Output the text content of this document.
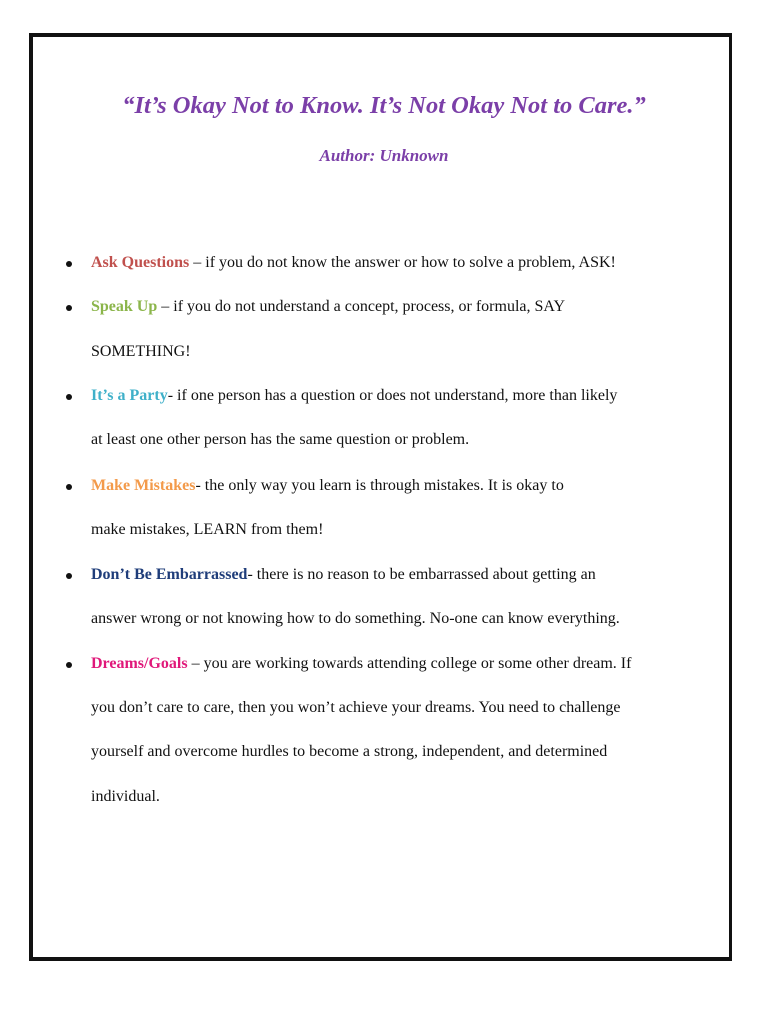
“It’s Okay Not to Know. It’s Not Okay Not to Care.”

Author: Unknown

Ask Questions – if you do not know the answer or how to solve a problem, ASK!
Speak Up – if you do not understand a concept, process, or formula, SAY
SOMETHING!
It’s a Party- if one person has a question or does not understand, more than likely
at least one other person has the same question or problem.
Make Mistakes- the only way you learn is through mistakes. It is okay to
make mistakes, LEARN from them!
Don’t Be Embarrassed- there is no reason to be embarrassed about getting an
answer wrong or not knowing how to do something. No-one can know everything.
Dreams/Goals – you are working towards attending college or some other dream. If
you don’t care to care, then you won’t achieve your dreams. You need to challenge
yourself and overcome hurdles to become a strong, independent, and determined
individual.
